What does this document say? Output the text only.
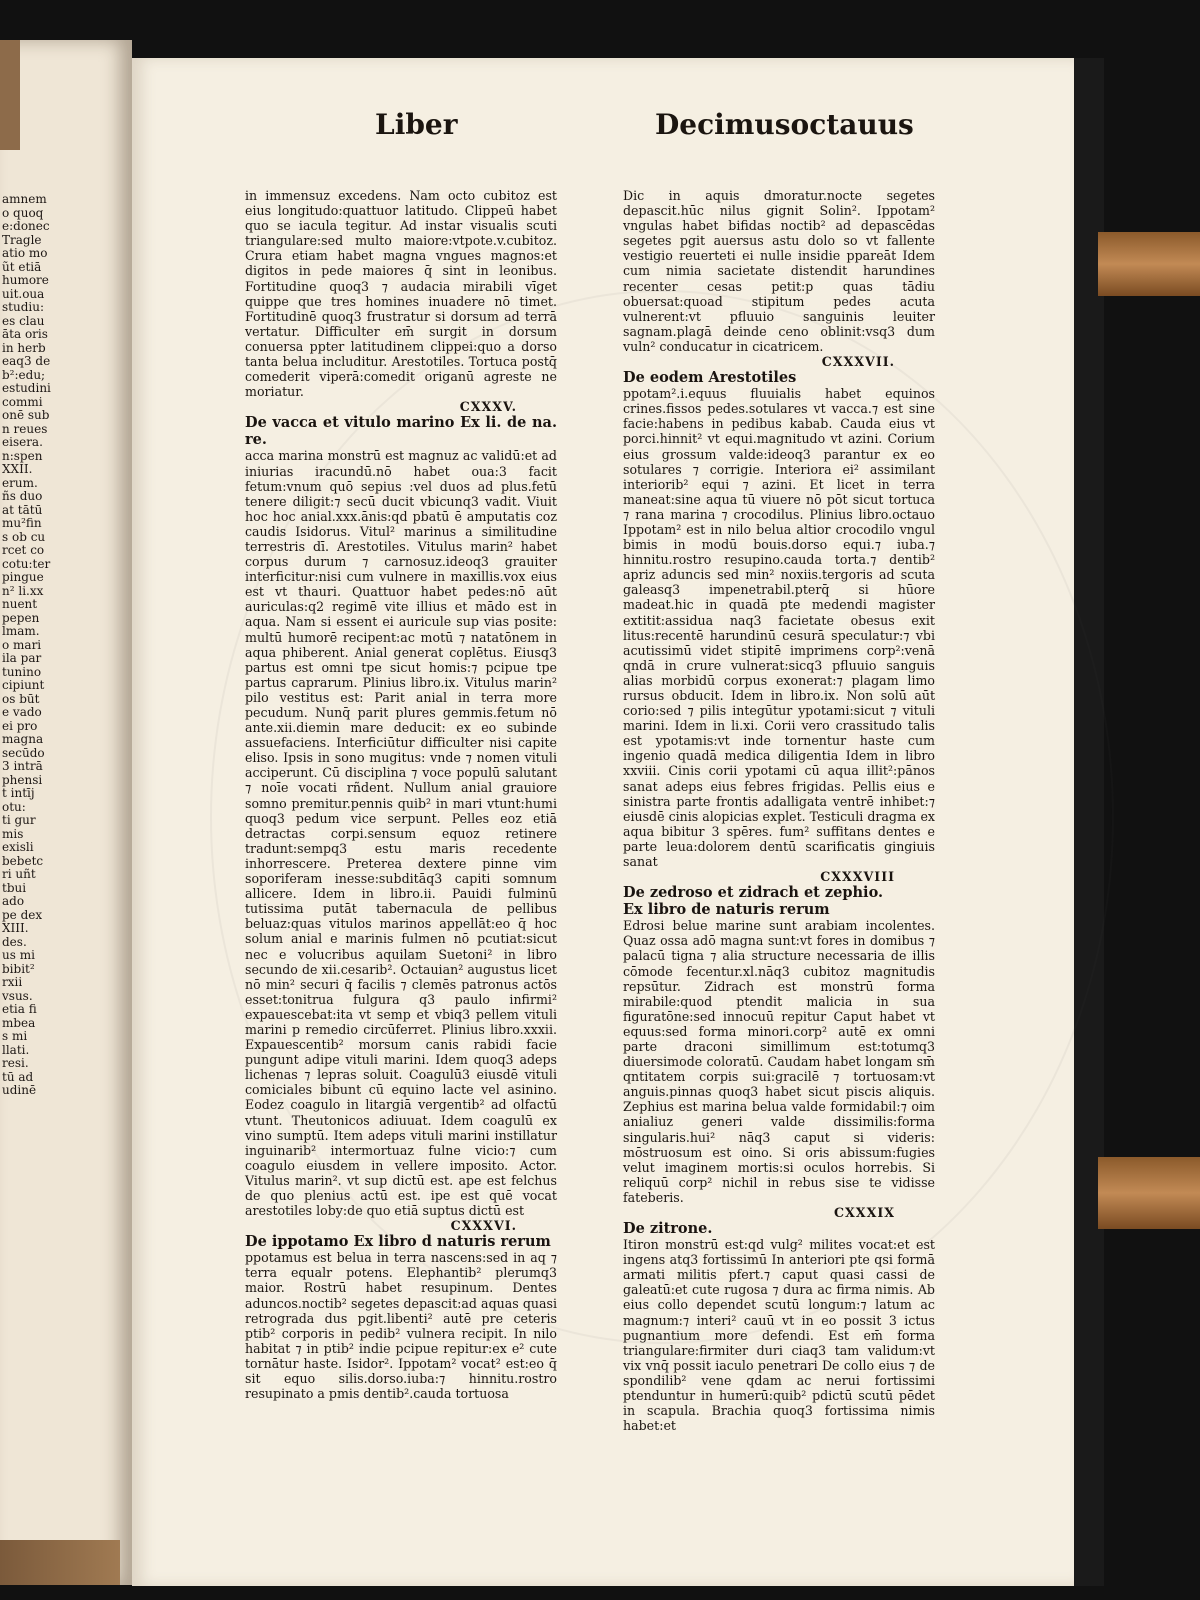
amnem
o quoq
e:donec
Tragle
atio mo
ũt etiā
humore
uit.oua
studiu:
es clau
āta oris
in herb
eaq3 de
b²:edu;
estudini
commi
onē sub
n reues
eisera.
n:spen
XXII.
erum.
ñs duo
at tātū
mu²fin
s ob cu
rcet co
cotu:ter
pingue
n² li.xx
nuent
pepen
lmam.
o mari
ila par
tunino
cipiunt
os būt
e vado
ei pro
magna
secūdo
3 intrā
phensi
t intīj
otu:
ti gur
mis
exisli
bebetc
ri uñt
tbui
ado
pe dex
XIII.
des.
us mi
bibit²
rxii
vsus.
etia fi
mbea
s mi
llati.
resi.
tū ad
udinē
Liber	Decimusoctauus

in immensuz excedens. Nam octo cubitoz est eius longitudo:quattuor latitudo. Clippeū habet quo se iacula tegitur. Ad instar visualis scuti triangulare:sed multo maiore:vtpote.v.cubitoz. Crura etiam habet magna vngues magnos:et digitos in pede maiores q̄ sint in leonibus. Fortitudine quoq3 ⁊ audacia mirabili vīget quippe que tres homines inuadere nō timet. Fortitudinē quoq3 frustratur si dorsum ad terrā vertatur. Difficulter em̄ surgit in dorsum conuersa ppter latitudinem clippei:quo a dorso tanta belua includitur. Arestotiles. Tortuca postq̄ comederit viperā:comedit origanū agreste ne moriatur.

CXXXV.

De vacca et vitulo marino Ex li. de na. re.

acca marina monstrū est magnuz ac validū:et ad iniurias iracundū.nō habet oua:3 facit fetum:vnum quō sepius :vel duos ad plus.fetū tenere diligit:⁊ secū ducit vbicunq3 vadit. Viuit hoc hoc anial.xxx.ānis:qd pbatū ē amputatis coz caudis Isidorus. Vitul² marinus a similitudine terrestris dī. Arestotiles. Vitulus marin² habet corpus durum ⁊ carnosuz.ideoq3 grauiter interficitur:nisi cum vulnere in maxillis.vox eius est vt thauri. Quattuor habet pedes:nō aūt auriculas:q2 regimē vite illius et mādo est in aqua. Nam si essent ei auricule sup vias posite: multū humorē recipent:ac motū ⁊ natatōnem in aqua phiberent. Anial generat coplētus. Eiusq3 partus est omni tpe sicut homis:⁊ pcipue tpe partus caprarum. Plinius libro.ix. Vitulus marin² pilo vestitus est: Parit anial in terra more pecudum. Nunq̄ parit plures gemmis.fetum nō ante.xii.diemin mare deducit: ex eo subinde assuefaciens. Interficiūtur difficulter nisi capite eliso. Ipsis in sono mugitus: vnde ⁊ nomen vituli acciperunt. Cū disciplina ⁊ voce populū salutant ⁊ noīe vocati rñdent. Nullum anial grauiore somno premitur.pennis quib² in mari vtunt:humi quoq3 pedum vice serpunt. Pelles eoz etiā detractas corpi.sensum equoz retinere tradunt:sempq3 estu maris recedente inhorrescere. Preterea dextere pinne vim soporiferam inesse:subditāq3 capiti somnum allicere. Idem in libro.ii. Pauidi fulminū tutissima putāt tabernacula de pellibus beluaz:quas vitulos marinos appellāt:eo q̄ hoc solum anial e marinis fulmen nō pcutiat:sicut nec e volucribus aquilam Suetoni² in libro secundo de xii.cesarib². Octauian² augustus licet nō min² securi q̄ facilis ⁊ clemēs patronus actōs esset:tonitrua fulgura q3 paulo infirmi² expauescebat:ita vt semp et vbiq3 pellem vituli marini p remedio circūferret. Plinius libro.xxxii. Expauescentib² morsum canis rabidi facie pungunt adipe vituli marini. Idem quoq3 adeps lichenas ⁊ lepras soluit. Coagulū3 eiusdē vituli comiciales bibunt cū equino lacte vel asinino. Eodez coagulo in litargiā vergentib² ad olfactū vtunt. Theutonicos adiuuat. Idem coagulū ex vino sumptū. Item adeps vituli marini instillatur inguinarib² intermortuaz fulne vicio:⁊ cum coagulo eiusdem in vellere imposito. Actor. Vitulus marin². vt sup dictū est. ape est felchus de quo plenius actū est. ipe est quē vocat arestotiles loby:de quo etiā suptus dictū est

CXXXVI.

De ippotamo Ex libro d naturis rerum

ppotamus est belua in terra nascens:sed in aq ⁊ terra equalr potens. Elephantib² plerumq3 maior. Rostrū habet resupinum. Dentes aduncos.noctib² segetes depascit:ad aquas quasi retrograda dus pgit.libenti² autē pre ceteris ptib² corporis in pedib² vulnera recipit. In nilo habitat ⁊ in ptib² indie pcipue repitur:ex e² cute tornātur haste. Isidor². Ippotam² vocat² est:eo q̄ sit equo silis.dorso.iuba:⁊ hinnitu.rostro resupinato a pmis dentib².cauda tortuosa

Dic in aquis dmoratur.nocte segetes depascit.hūc nilus gignit Solin². Ippotam² vngulas habet bifidas noctib² ad depascēdas segetes pgit auersus astu dolo so vt fallente vestigio reuerteti ei nulle insidie ppareāt Idem cum nimia sacietate distendit harundines recenter cesas petit:p quas tādiu obuersat:quoad stipitum pedes acuta vulnerent:vt pfluuio sanguinis leuiter sagnam.plagā deinde ceno oblinit:vsq3 dum vuln² conducatur in cicatricem.

CXXXVII.

De eodem Arestotiles

ppotam².i.equus fluuialis habet equinos crines.fissos pedes.sotulares vt vacca.⁊ est sine facie:habens in pedibus kabab. Cauda eius vt porci.hinnit² vt equi.magnitudo vt azini. Corium eius grossum valde:ideoq3 parantur ex eo sotulares ⁊ corrigie. Interiora ei² assimilant interiorib² equi ⁊ azini. Et licet in terra maneat:sine aqua tū viuere nō pōt sicut tortuca ⁊ rana marina ⁊ crocodilus. Plinius libro.octauo Ippotam² est in nilo belua altior crocodilo vngul bimis in modū bouis.dorso equi.⁊ iuba.⁊ hinnitu.rostro resupino.cauda torta.⁊ dentib² apriz aduncis sed min² noxiis.tergoris ad scuta galeasq3 impenetrabil.pterq̄ si hūore madeat.hic in quadā pte medendi magister extitit:assidua naq3 facietate obesus exit litus:recentē harundinū cesurā speculatur:⁊ vbi acutissimū videt stipitē imprimens corp²:venā qndā in crure vulnerat:sicq3 pfluuio sanguis alias morbidū corpus exonerat:⁊ plagam limo rursus obducit. Idem in libro.ix. Non solū aūt corio:sed ⁊ pilis integūtur ypotami:sicut ⁊ vituli marini. Idem in li.xi. Corii vero crassitudo talis est ypotamis:vt inde tornentur haste cum ingenio quadā medica diligentia Idem in libro xxviii. Cinis corii ypotami cū aqua illit²:pānos sanat adeps eius febres frigidas. Pellis eius e sinistra parte frontis adalligata ventrē inhibet:⁊ eiusdē cinis alopicias explet. Testiculi dragma ex aqua bibitur 3 spēres. fum² suffitans dentes e parte leua:dolorem dentū scarificatis gingiuis sanat

CXXXVIII

De zedroso et zidrach et zephio.

Ex libro de naturis rerum

Edrosi belue marine sunt arabiam incolentes. Quaz ossa adō magna sunt:vt fores in domibus ⁊ palacū tigna ⁊ alia structure necessaria de illis cōmode fecentur.xl.nāq3 cubitoz magnitudis repsūtur. Zidrach est monstrū forma mirabile:quod ptendit malicia in sua figuratōne:sed innocuū repitur Caput habet vt equus:sed forma minori.corp² autē ex omni parte draconi simillimum est:totumq3 diuersimode coloratū. Caudam habet longam sm̄ qntitatem corpis sui:gracilē ⁊ tortuosam:vt anguis.pinnas quoq3 habet sicut piscis aliquis. Zephius est marina belua valde formidabil:⁊ oim anialiuz generi valde dissimilis:forma singularis.hui² nāq3 caput si videris: mōstruosum est oino. Si oris abissum:fugies velut imaginem mortis:si oculos horrebis. Si reliquū corp² nichil in rebus sise te vidisse fateberis.

CXXXIX

De zitrone.

Itiron monstrū est:qd vulg² milites vocat:et est ingens atq3 fortissimū In anteriori pte qsi formā armati militis pfert.⁊ caput quasi cassi de galeatū:et cute rugosa ⁊ dura ac firma nimis. Ab eius collo dependet scutū longum:⁊ latum ac magnum:⁊ interi² cauū vt in eo possit 3 ictus pugnantium more defendi. Est em̄ forma triangulare:firmiter duri ciaq3 tam validum:vt vix vnq̄ possit iaculo penetrari De collo eius ⁊ de spondilib² vene qdam ac nerui fortissimi ptenduntur in humerū:quib² pdictū scutū pēdet in scapula. Brachia quoq3 fortissima nimis habet:et
